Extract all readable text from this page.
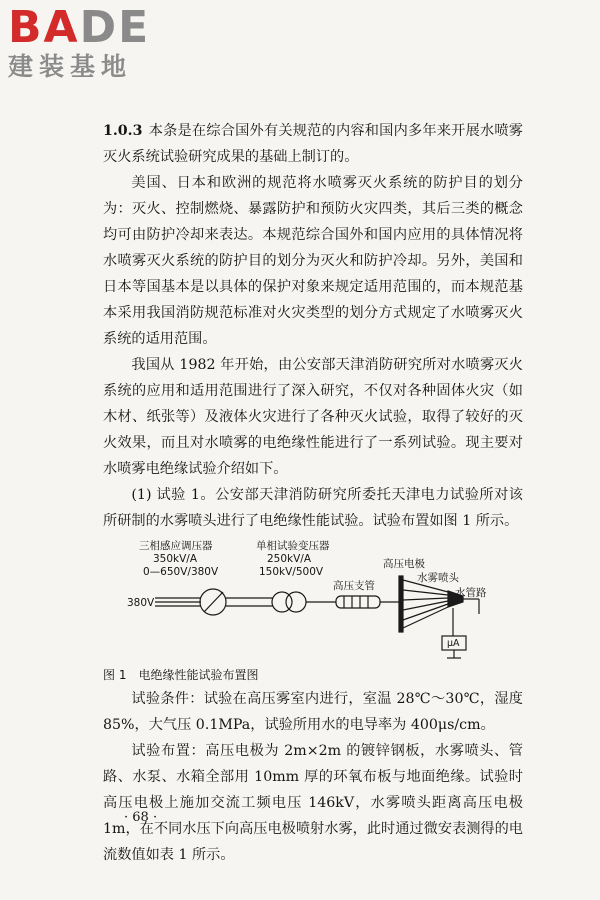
BADE
建装基地

1.0.3 本条是在综合国外有关规范的内容和国内多年来开展水喷雾灭火系统试验研究成果的基础上制订的。

美国、日本和欧洲的规范将水喷雾灭火系统的防护目的划分为：灭火、控制燃烧、暴露防护和预防火灾四类，其后三类的概念均可由防护冷却来表达。本规范综合国外和国内应用的具体情况将水喷雾灭火系统的防护目的划分为灭火和防护冷却。另外，美国和日本等国基本是以具体的保护对象来规定适用范围的，而本规范基本采用我国消防规范标准对火灾类型的划分方式规定了水喷雾灭火系统的适用范围。

我国从 1982 年开始，由公安部天津消防研究所对水喷雾灭火系统的应用和适用范围进行了深入研究，不仅对各种固体火灾（如木材、纸张等）及液体火灾进行了各种灭火试验，取得了较好的灭火效果，而且对水喷雾的电绝缘性能进行了一系列试验。现主要对水喷雾电绝缘试验介绍如下。

(1) 试验 1。公安部天津消防研究所委托天津电力试验所对该所研制的水雾喷头进行了电绝缘性能试验。试验布置如图 1 所示。

三相感应调压器
350kV/A
0—650V/380V
单相试验变压器
250kV/A
150kV/500V
高压电极
高压支管
水雾喷头
水管路
380V
μA

图 1　电绝缘性能试验布置图

试验条件：试验在高压雾室内进行，室温 28℃～30℃，湿度 85%，大气压 0.1MPa，试验所用水的电导率为 400μs/cm。

试验布置：高压电极为 2m×2m 的镀锌钢板，水雾喷头、管路、水泵、水箱全部用 10mm 厚的环氧布板与地面绝缘。试验时高压电极上施加交流工频电压 146kV，水雾喷头距离高压电极 1m，在不同水压下向高压电极喷射水雾，此时通过微安表测得的电流数值如表 1 所示。

· 68 ·
